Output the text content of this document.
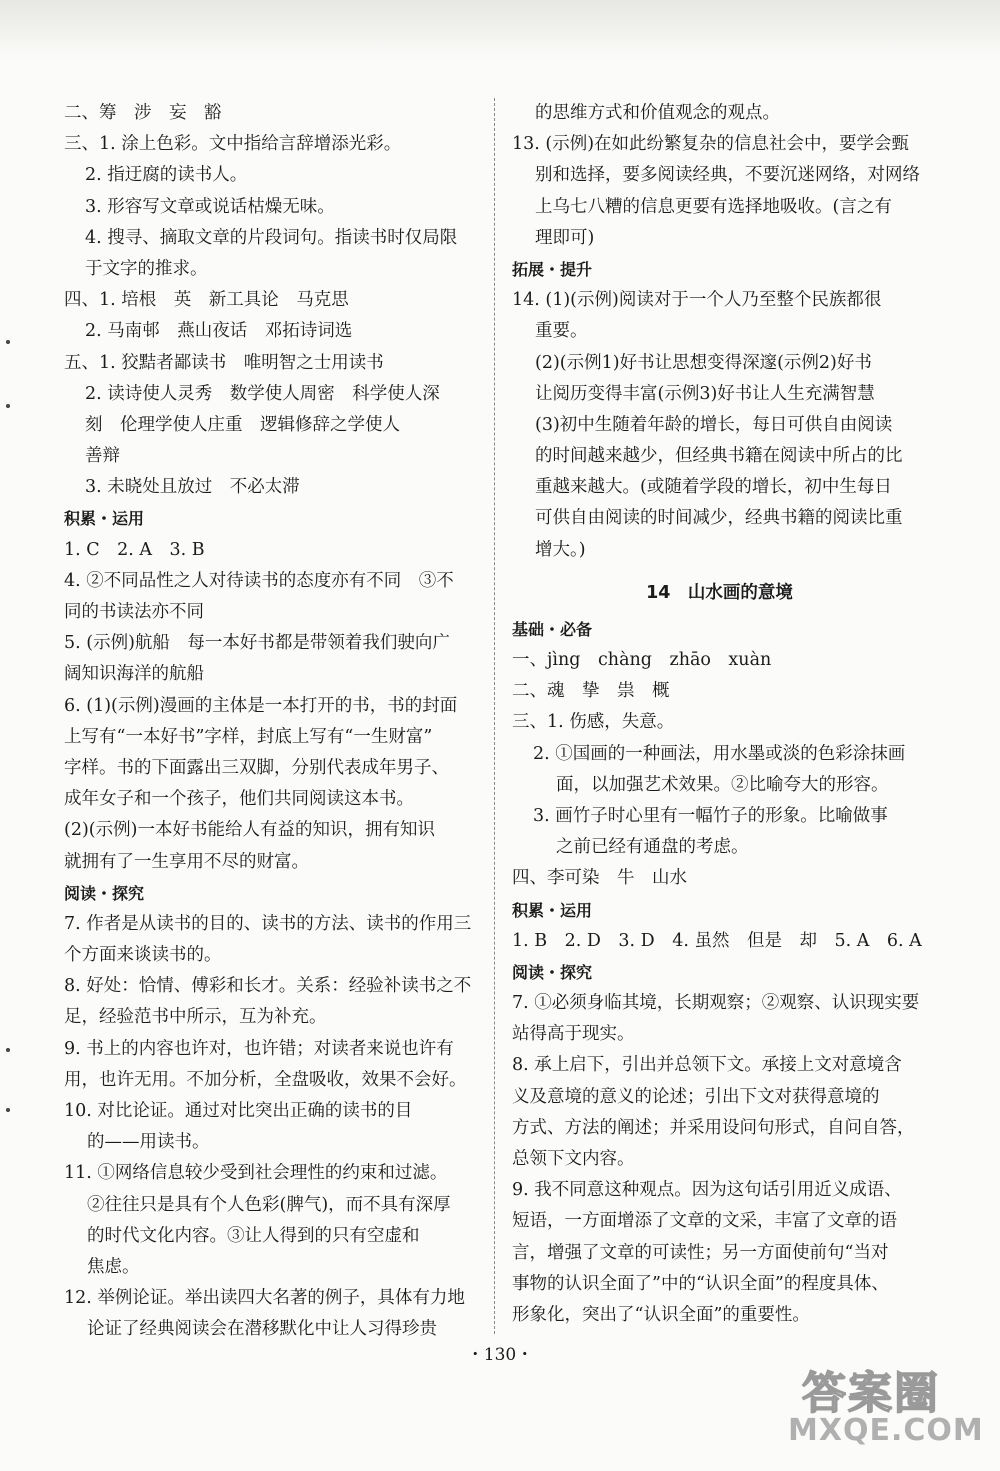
二、筹　涉　妄　豁
三、1. 涂上色彩。文中指给言辞增添光彩。
2. 指迂腐的读书人。
3. 形容写文章或说话枯燥无味。
4. 搜寻、摘取文章的片段词句。指读书时仅局限
于文字的推求。
四、1. 培根　英　新工具论　马克思
2. 马南邨　燕山夜话　邓拓诗词选
五、1. 狡黠者鄙读书　唯明智之士用读书
2. 读诗使人灵秀　数学使人周密　科学使人深
刻　伦理学使人庄重　逻辑修辞之学使人
善辩
3. 未晓处且放过　不必太滞
积累・运用
1. C　2. A　3. B
4. ②不同品性之人对待读书的态度亦有不同　③不
同的书读法亦不同
5. (示例)航船　每一本好书都是带领着我们驶向广
阔知识海洋的航船
6. (1)(示例)漫画的主体是一本打开的书，书的封面
上写有“一本好书”字样，封底上写有“一生财富”
字样。书的下面露出三双脚，分别代表成年男子、
成年女子和一个孩子，他们共同阅读这本书。
(2)(示例)一本好书能给人有益的知识，拥有知识
就拥有了一生享用不尽的财富。
阅读・探究
7. 作者是从读书的目的、读书的方法、读书的作用三
个方面来谈读书的。
8. 好处：恰情、傅彩和长才。关系：经验补读书之不
足，经验范书中所示，互为补充。
9. 书上的内容也许对，也许错；对读者来说也许有
用，也许无用。不加分析，全盘吸收，效果不会好。
10. 对比论证。通过对比突出正确的读书的目
的——用读书。
11. ①网络信息较少受到社会理性的约束和过滤。
②往往只是具有个人色彩(脾气)，而不具有深厚
的时代文化内容。③让人得到的只有空虚和
焦虑。
12. 举例论证。举出读四大名著的例子，具体有力地
论证了经典阅读会在潜移默化中让人习得珍贵
的思维方式和价值观念的观点。
13. (示例)在如此纷繁复杂的信息社会中，要学会甄
别和选择，要多阅读经典，不要沉迷网络，对网络
上乌七八糟的信息更要有选择地吸收。(言之有
理即可)
拓展・提升
14. (1)(示例)阅读对于一个人乃至整个民族都很
重要。
(2)(示例1)好书让思想变得深邃(示例2)好书
让阅历变得丰富(示例3)好书让人生充满智慧
(3)初中生随着年龄的增长，每日可供自由阅读
的时间越来越少，但经典书籍在阅读中所占的比
重越来越大。(或随着学段的增长，初中生每日
可供自由阅读的时间减少，经典书籍的阅读比重
增大。)
14　山水画的意境
基础・必备
一、jìng　chàng　zhāo　xuàn
二、魂　挚　祟　概
三、1. 伤感，失意。
2. ①国画的一种画法，用水墨或淡的色彩涂抹画
面，以加强艺术效果。②比喻夸大的形容。
3. 画竹子时心里有一幅竹子的形象。比喻做事
之前已经有通盘的考虑。
四、李可染　牛　山水
积累・运用
1. B　2. D　3. D　4. 虽然　但是　却　5. A　6. A
阅读・探究
7. ①必须身临其境，长期观察；②观察、认识现实要
站得高于现实。
8. 承上启下，引出并总领下文。承接上文对意境含
义及意境的意义的论述；引出下文对获得意境的
方式、方法的阐述；并采用设问句形式，自问自答，
总领下文内容。
9. 我不同意这种观点。因为这句话引用近义成语、
短语，一方面增添了文章的文采，丰富了文章的语
言，增强了文章的可读性；另一方面使前句“当对
事物的认识全面了”中的“认识全面”的程度具体、
形象化，突出了“认识全面”的重要性。
・130・
答案圈
MXQE.COM
